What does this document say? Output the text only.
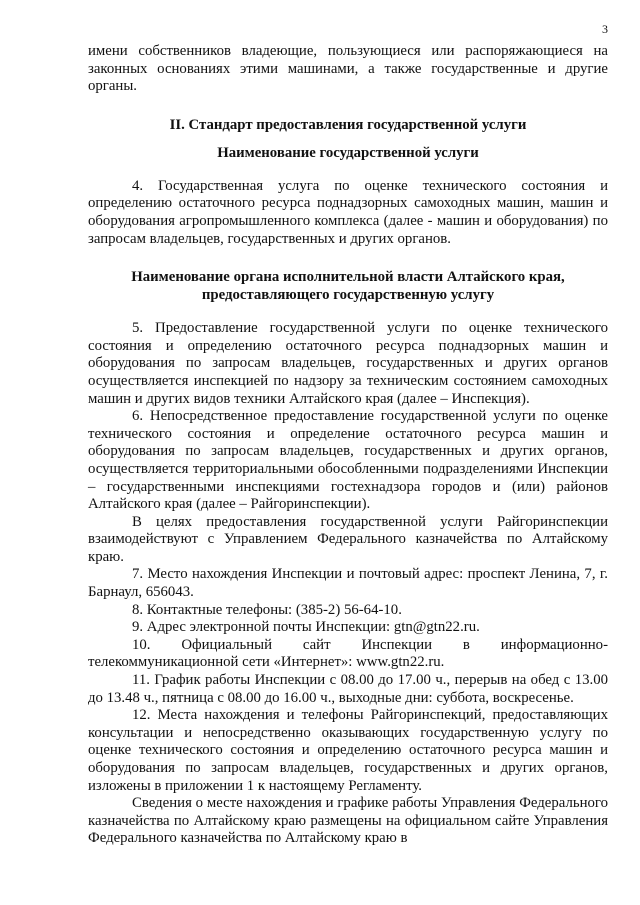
3

имени собственников владеющие, пользующиеся или распоряжающиеся на законных основаниях этими машинами, а также государственные и другие органы.

II. Стандарт предоставления государственной услуги
Наименование государственной услуги

4. Государственная услуга по оценке технического состояния и определению остаточного ресурса поднадзорных самоходных машин, машин и оборудования агропромышленного комплекса (далее - машин и оборудования) по запросам владельцев, государственных и других органов.

Наименование органа исполнительной власти Алтайского края, предоставляющего государственную услугу

5. Предоставление государственной услуги по оценке технического состояния и определению остаточного ресурса поднадзорных машин и оборудования по запросам владельцев, государственных и других органов осуществляется инспекцией по надзору за техническим состоянием самоходных машин и других видов техники Алтайского края (далее – Инспекция).

6. Непосредственное предоставление государственной услуги по оценке технического состояния и определение остаточного ресурса машин и оборудования по запросам владельцев, государственных и других органов, осуществляется территориальными обособленными подразделениями Инспекции – государственными инспекциями гостехнадзора городов и (или) районов Алтайского края (далее – Райгоринспекции).

В целях предоставления государственной услуги Райгоринспекции взаимодействуют с Управлением Федерального казначейства по Алтайскому краю.

7. Место нахождения Инспекции и почтовый адрес: проспект Ленина, 7, г. Барнаул, 656043.

8. Контактные телефоны: (385-2) 56-64-10.

9. Адрес электронной почты Инспекции: gtn@gtn22.ru.

10. Официальный сайт Инспекции в информационно-телекоммуникационной сети «Интернет»: www.gtn22.ru.

11. График работы Инспекции с 08.00 до 17.00 ч., перерыв на обед с 13.00 до 13.48 ч., пятница с 08.00 до 16.00 ч., выходные дни: суббота, воскресенье.

12. Места нахождения и телефоны Райгоринспекций, предоставляющих консультации и непосредственно оказывающих государственную услугу по оценке технического состояния и определению остаточного ресурса машин и оборудования по запросам владельцев, государственных и других органов, изложены в приложении 1 к настоящему Регламенту.

Сведения о месте нахождения и графике работы Управления Федерального казначейства по Алтайскому краю размещены на официальном сайте Управления Федерального казначейства по Алтайскому краю в
